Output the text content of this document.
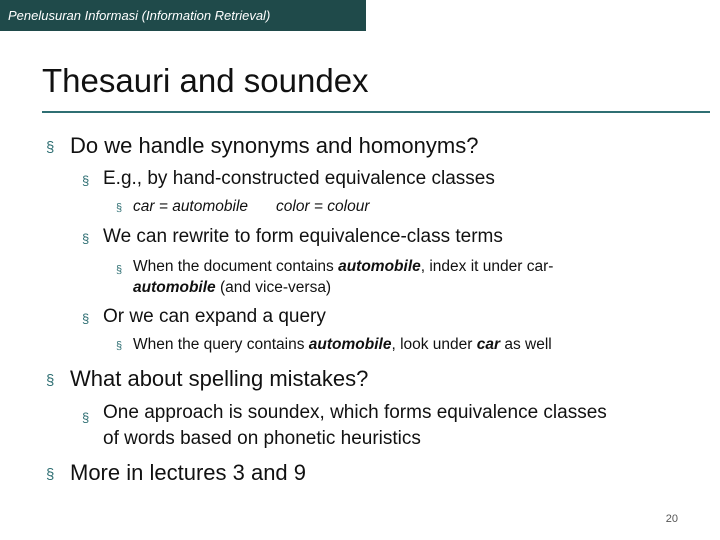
Penelusuran Informasi (Information Retrieval)
Thesauri and soundex
§ Do we handle synonyms and homonyms?
§ E.g., by hand-constructed equivalence classes
§ car = automobile color = colour
§ We can rewrite to form equivalence-class terms
§ When the document contains automobile, index it under car-
automobile (and vice-versa)
§ Or we can expand a query
§ When the query contains automobile, look under car as well
§ What about spelling mistakes?
§ One approach is soundex, which forms equivalence classes
of words based on phonetic heuristics
§ More in lectures 3 and 9
20
